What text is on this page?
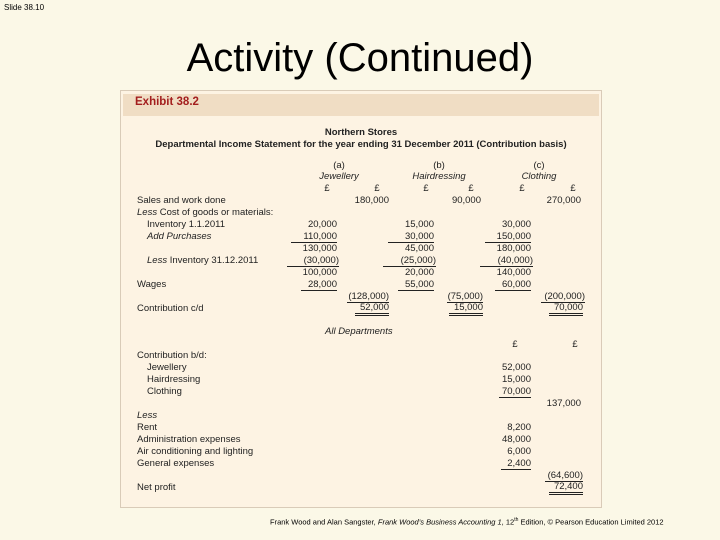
Slide 38.10
Activity (Continued)
Exhibit 38.2
Northern Stores
Departmental Income Statement for the year ending 31 December 2011 (Contribution basis)
(a)
Jewellery
(b)
Hairdressing
(c)
Clothing
£	£	£	£	£	£
Sales and work done	180,000	90,000	270,000
Less Cost of goods or materials:
Inventory 1.1.2011	20,000	15,000	30,000
Add Purchases	110,000	30,000	150,000
130,000	45,000	180,000
Less Inventory 31.12.2011	(30,000)	(25,000)	(40,000)
100,000	20,000	140,000
Wages	28,000	55,000	60,000
(128,000)	(75,000)	(200,000)
Contribution c/d	52,000	15,000	70,000
All Departments
£	£
Contribution b/d:
Jewellery	52,000
Hairdressing	15,000
Clothing	70,000
137,000
Less
Rent	8,200
Administration expenses	48,000
Air conditioning and lighting	6,000
General expenses	2,400
(64,600)
Net profit	72,400
Frank Wood and Alan Sangster, Frank Wood’s Business Accounting 1, 12th Edition, © Pearson Education Limited 2012
